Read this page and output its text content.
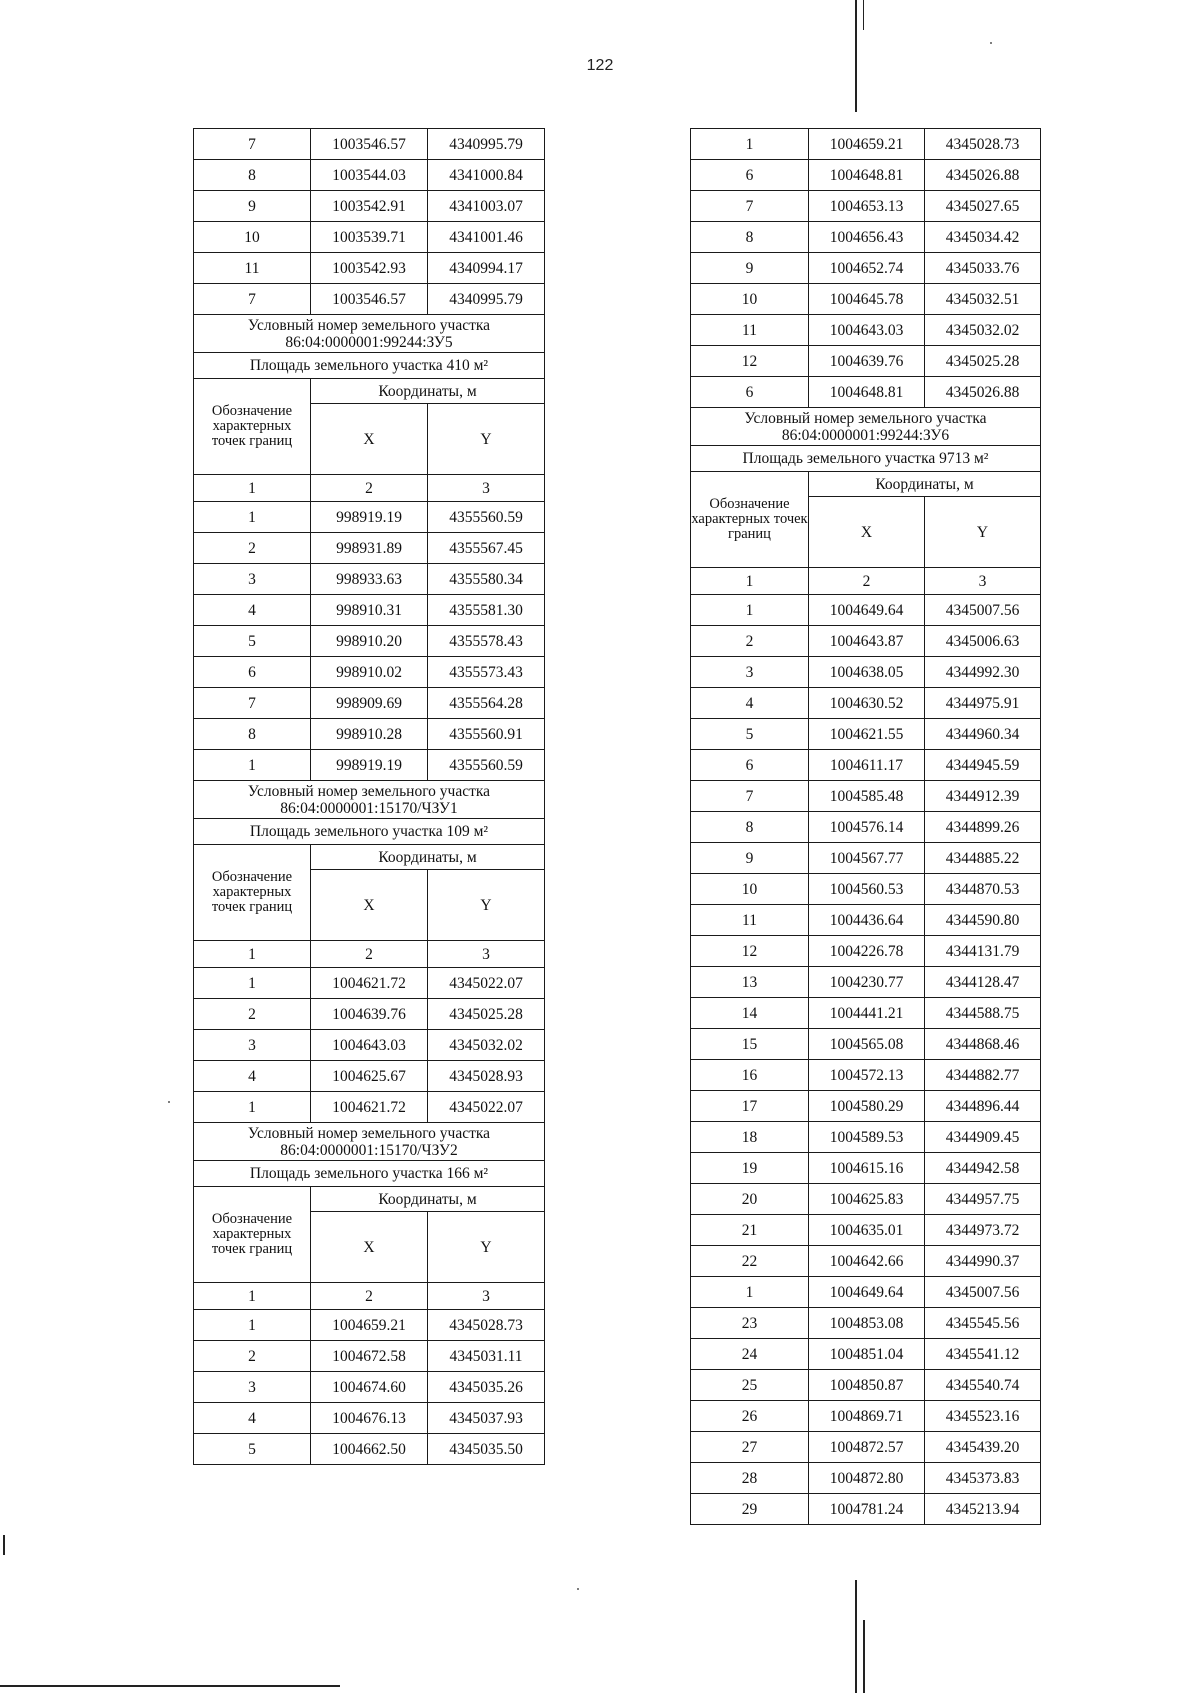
122
7	1003546.57	4340995.79
8	1003544.03	4341000.84
9	1003542.91	4341003.07
10	1003539.71	4341001.46
11	1003542.93	4340994.17
7	1003546.57	4340995.79
Условный номер земельного участка 86:04:0000001:99244:ЗУ5		
Площадь земельного участка 410 м²		
Обозначение характерных точек границ	Координаты, м	
	X	Y
1	2	3
1	998919.19	4355560.59
2	998931.89	4355567.45
3	998933.63	4355580.34
4	998910.31	4355581.30
5	998910.20	4355578.43
6	998910.02	4355573.43
7	998909.69	4355564.28
8	998910.28	4355560.91
1	998919.19	4355560.59
Условный номер земельного участка 86:04:0000001:15170/ЧЗУ1		
Площадь земельного участка 109 м²		
Обозначение характерных точек границ	Координаты, м	
	X	Y
1	2	3
1	1004621.72	4345022.07
2	1004639.76	4345025.28
3	1004643.03	4345032.02
4	1004625.67	4345028.93
1	1004621.72	4345022.07
Условный номер земельного участка 86:04:0000001:15170/ЧЗУ2		
Площадь земельного участка 166 м²		
Обозначение характерных точек границ	Координаты, м	
	X	Y
1	2	3
1	1004659.21	4345028.73
2	1004672.58	4345031.11
3	1004674.60	4345035.26
4	1004676.13	4345037.93
5	1004662.50	4345035.50
1	1004659.21	4345028.73
6	1004648.81	4345026.88
7	1004653.13	4345027.65
8	1004656.43	4345034.42
9	1004652.74	4345033.76
10	1004645.78	4345032.51
11	1004643.03	4345032.02
12	1004639.76	4345025.28
6	1004648.81	4345026.88
Условный номер земельного участка 86:04:0000001:99244:ЗУ6		
Площадь земельного участка 9713 м²		
Обозначение характерных точек границ	Координаты, м	
	X	Y
1	2	3
1	1004649.64	4345007.56
2	1004643.87	4345006.63
3	1004638.05	4344992.30
4	1004630.52	4344975.91
5	1004621.55	4344960.34
6	1004611.17	4344945.59
7	1004585.48	4344912.39
8	1004576.14	4344899.26
9	1004567.77	4344885.22
10	1004560.53	4344870.53
11	1004436.64	4344590.80
12	1004226.78	4344131.79
13	1004230.77	4344128.47
14	1004441.21	4344588.75
15	1004565.08	4344868.46
16	1004572.13	4344882.77
17	1004580.29	4344896.44
18	1004589.53	4344909.45
19	1004615.16	4344942.58
20	1004625.83	4344957.75
21	1004635.01	4344973.72
22	1004642.66	4344990.37
1	1004649.64	4345007.56
23	1004853.08	4345545.56
24	1004851.04	4345541.12
25	1004850.87	4345540.74
26	1004869.71	4345523.16
27	1004872.57	4345439.20
28	1004872.80	4345373.83
29	1004781.24	4345213.94
